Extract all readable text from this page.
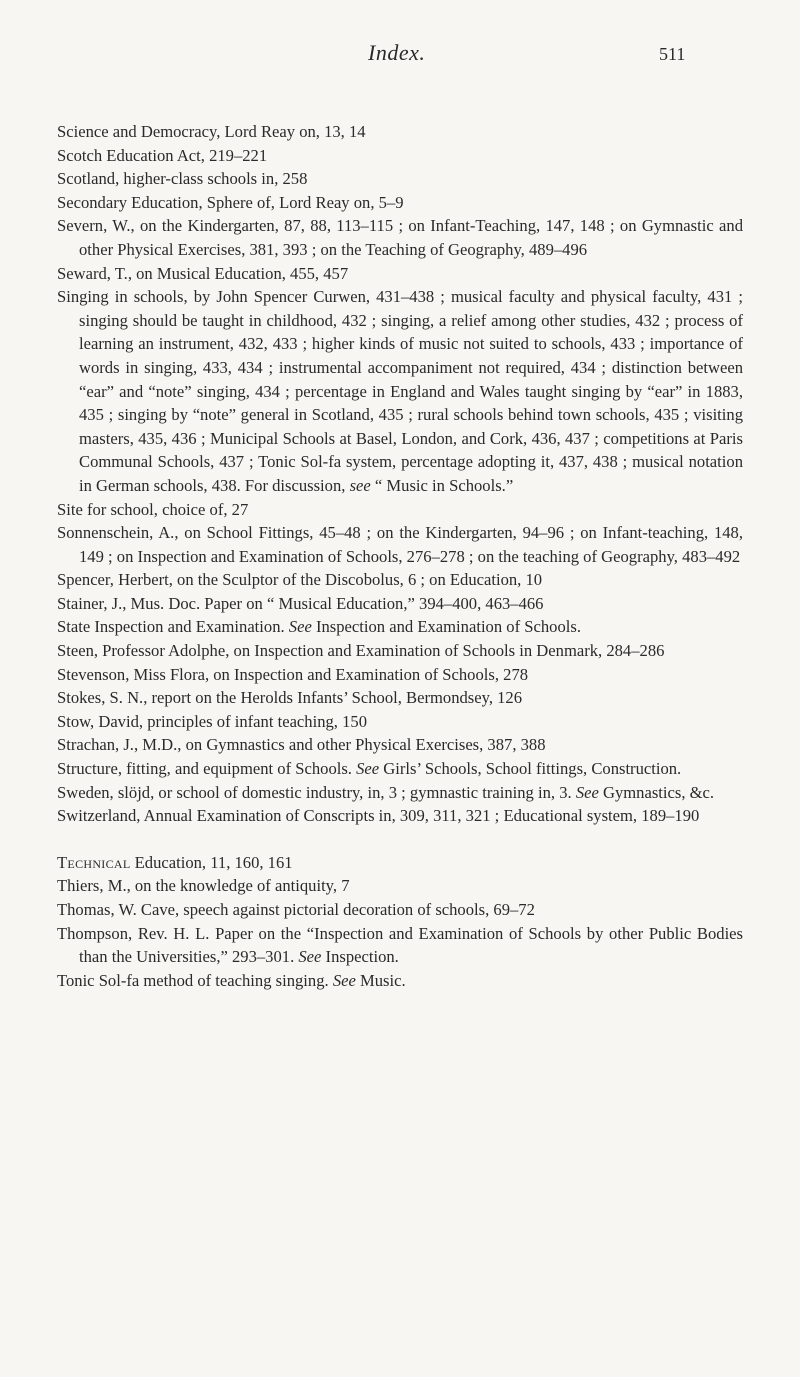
Index.	511
Science and Democracy, Lord Reay on, 13, 14
Scotch Education Act, 219–221
Scotland, higher-class schools in, 258
Secondary Education, Sphere of, Lord Reay on, 5–9
Severn, W., on the Kindergarten, 87, 88, 113–115 ; on Infant-Teaching, 147, 148 ; on Gymnastic and other Physical Exercises, 381, 393 ; on the Teaching of Geography, 489–496
Seward, T., on Musical Education, 455, 457
Singing in schools, by John Spencer Curwen, 431–438 ; musical faculty and physical faculty, 431 ; singing should be taught in childhood, 432 ; singing, a relief among other studies, 432 ; process of learning an instrument, 432, 433 ; higher kinds of music not suited to schools, 433 ; importance of words in singing, 433, 434 ; instrumental accompaniment not required, 434 ; distinction between “ear” and “note” singing, 434 ; percentage in England and Wales taught singing by “ear” in 1883, 435 ; singing by “note” general in Scotland, 435 ; rural schools behind town schools, 435 ; visiting masters, 435, 436 ; Municipal Schools at Basel, London, and Cork, 436, 437 ; competitions at Paris Communal Schools, 437 ; Tonic Sol-fa system, percentage adopting it, 437, 438 ; musical notation in German schools, 438. For discussion, see “ Music in Schools.”
Site for school, choice of, 27
Sonnenschein, A., on School Fittings, 45–48 ; on the Kindergarten, 94–96 ; on Infant-teaching, 148, 149 ; on Inspection and Examination of Schools, 276–278 ; on the teaching of Geography, 483–492
Spencer, Herbert, on the Sculptor of the Discobolus, 6 ; on Education, 10
Stainer, J., Mus. Doc. Paper on “ Musical Education,” 394–400, 463–466
State Inspection and Examination. See Inspection and Examination of Schools.
Steen, Professor Adolphe, on Inspection and Examination of Schools in Denmark, 284–286
Stevenson, Miss Flora, on Inspection and Examination of Schools, 278
Stokes, S. N., report on the Herolds Infants’ School, Bermondsey, 126
Stow, David, principles of infant teaching, 150
Strachan, J., M.D., on Gymnastics and other Physical Exercises, 387, 388
Structure, fitting, and equipment of Schools. See Girls’ Schools, School fittings, Construction.
Sweden, slöjd, or school of domestic industry, in, 3 ; gymnastic training in, 3. See Gymnastics, &c.
Switzerland, Annual Examination of Conscripts in, 309, 311, 321 ; Educational system, 189–190
Technical Education, 11, 160, 161
Thiers, M., on the knowledge of antiquity, 7
Thomas, W. Cave, speech against pictorial decoration of schools, 69–72
Thompson, Rev. H. L. Paper on the “Inspection and Examination of Schools by other Public Bodies than the Universities,” 293–301. See Inspection.
Tonic Sol-fa method of teaching singing. See Music.
